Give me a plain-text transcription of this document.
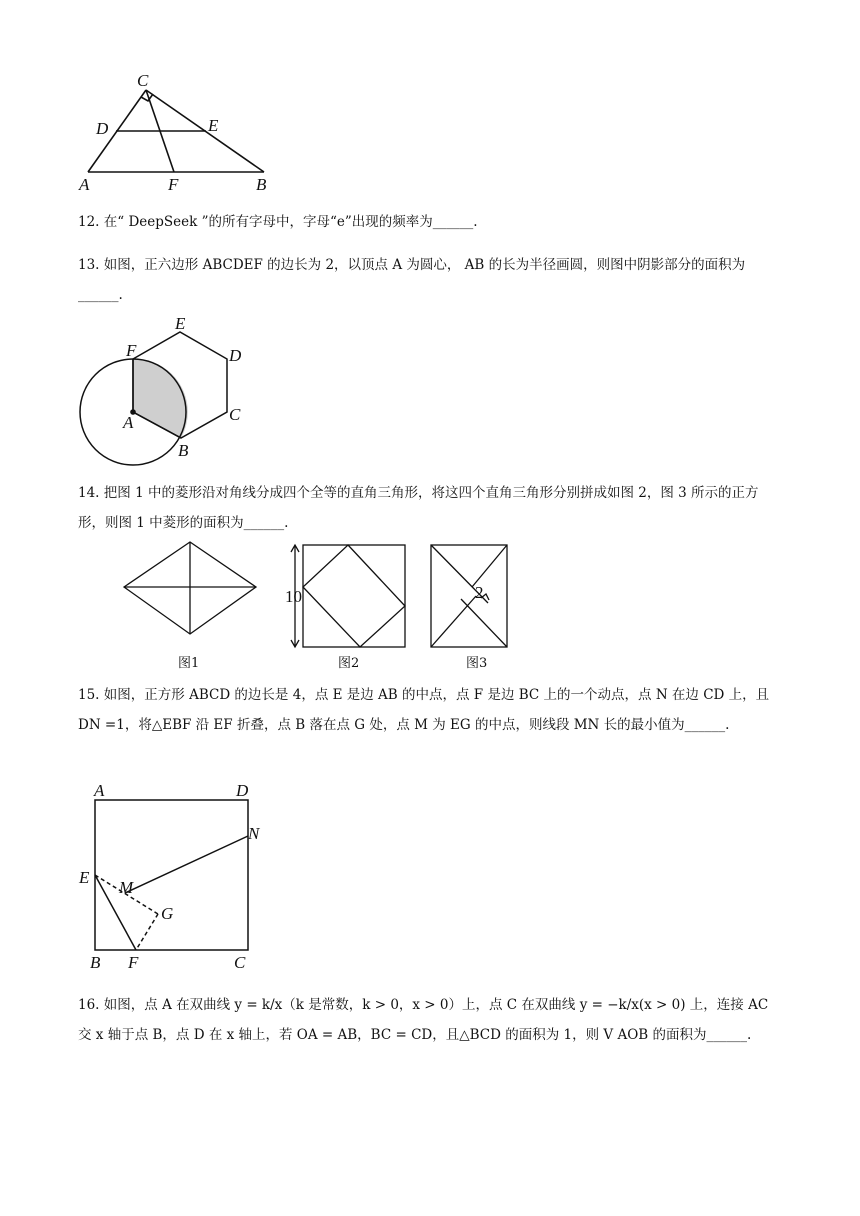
C
D	E
A	F	B
12. 在“ DeepSeek ”的所有字母中，字母“e”出现的频率为______.
13. 如图，正六边形 ABCDEF 的边长为 2，以顶点 A 为圆心， AB 的长为半径画圆，则图中阴影部分的面积为______.
E
F	D
C
A
B
14. 把图 1 中的菱形沿对角线分成四个全等的直角三角形，将这四个直角三角形分别拼成如图 2，图 3 所示的正方形，则图 1 中菱形的面积为______.
图1
10
图2
2
图3
15. 如图，正方形 ABCD 的边长是 4，点 E 是边 AB 的中点，点 F 是边 BC 上的一个动点，点 N 在边 CD 上，且 DN =1，将△EBF 沿 EF 折叠，点 B 落在点 G 处，点 M 为 EG 的中点，则线段 MN 长的最小值为______.
A	D
N
E
M
G
B F	C
16. 如图，点 A 在双曲线 y = k/x（k 是常数，k > 0，x > 0）上，点 C 在双曲线 y = −k/x(x > 0) 上，连接 AC 交 x 轴于点 B，点 D 在 x 轴上，若 OA = AB，BC = CD，且△BCD 的面积为 1，则 V AOB 的面积为______.
